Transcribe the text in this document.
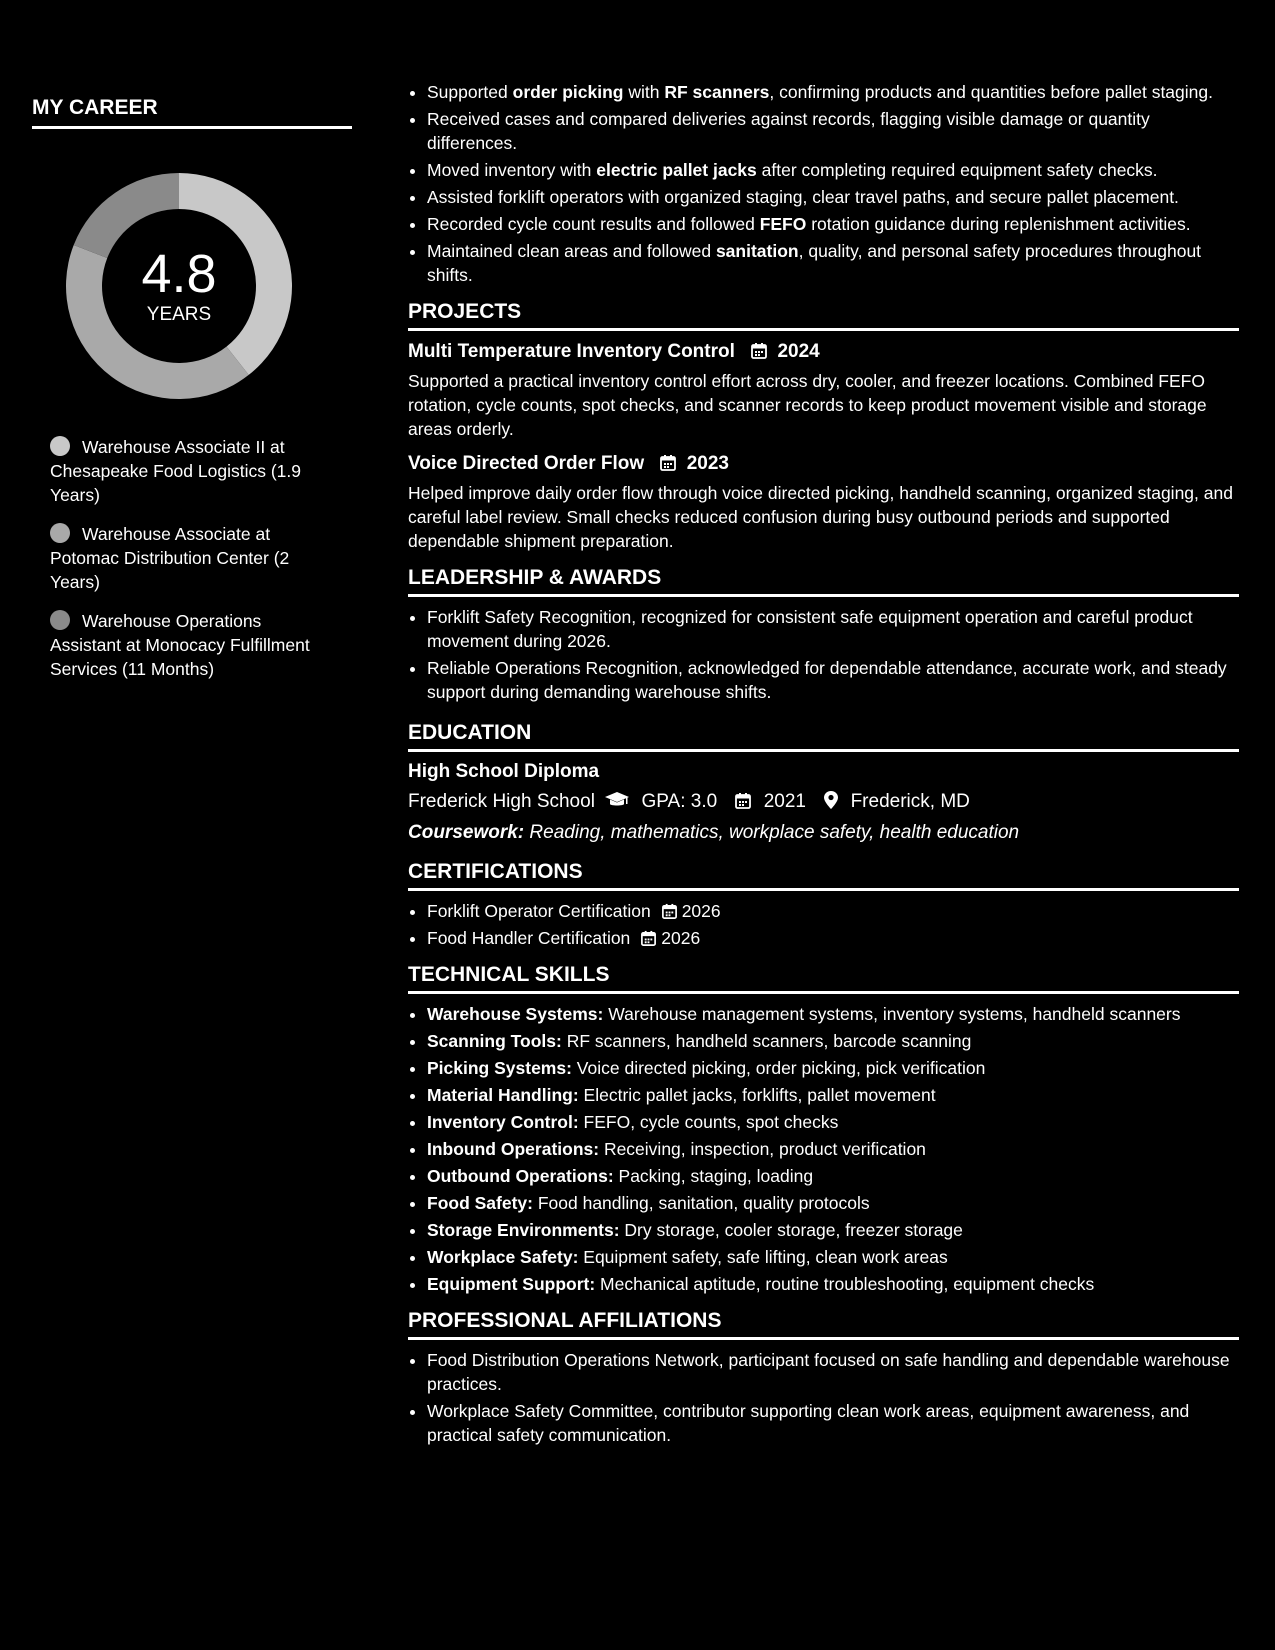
MY CAREER
4.8
YEARS
Warehouse Associate II at Chesapeake Food Logistics (1.9 Years)
Warehouse Associate at Potomac Distribution Center (2 Years)
Warehouse Operations Assistant at Monocacy Fulfillment Services (11 Months)
• Supported order picking with RF scanners, confirming products and quantities before pallet staging.
• Received cases and compared deliveries against records, flagging visible damage or quantity differences.
• Moved inventory with electric pallet jacks after completing required equipment safety checks.
• Assisted forklift operators with organized staging, clear travel paths, and secure pallet placement.
• Recorded cycle count results and followed FEFO rotation guidance during replenishment activities.
• Maintained clean areas and followed sanitation, quality, and personal safety procedures throughout shifts.
PROJECTS
Multi Temperature Inventory Control 2024
Supported a practical inventory control effort across dry, cooler, and freezer locations. Combined FEFO rotation, cycle counts, spot checks, and scanner records to keep product movement visible and storage areas orderly.
Voice Directed Order Flow 2023
Helped improve daily order flow through voice directed picking, handheld scanning, organized staging, and careful label review. Small checks reduced confusion during busy outbound periods and supported dependable shipment preparation.
LEADERSHIP & AWARDS
• Forklift Safety Recognition, recognized for consistent safe equipment operation and careful product movement during 2026.
• Reliable Operations Recognition, acknowledged for dependable attendance, accurate work, and steady support during demanding warehouse shifts.
EDUCATION
High School Diploma
Frederick High School GPA: 3.0 2021 Frederick, MD
Coursework: Reading, mathematics, workplace safety, health education
CERTIFICATIONS
• Forklift Operator Certification 2026
• Food Handler Certification 2026
TECHNICAL SKILLS
• Warehouse Systems: Warehouse management systems, inventory systems, handheld scanners
• Scanning Tools: RF scanners, handheld scanners, barcode scanning
• Picking Systems: Voice directed picking, order picking, pick verification
• Material Handling: Electric pallet jacks, forklifts, pallet movement
• Inventory Control: FEFO, cycle counts, spot checks
• Inbound Operations: Receiving, inspection, product verification
• Outbound Operations: Packing, staging, loading
• Food Safety: Food handling, sanitation, quality protocols
• Storage Environments: Dry storage, cooler storage, freezer storage
• Workplace Safety: Equipment safety, safe lifting, clean work areas
• Equipment Support: Mechanical aptitude, routine troubleshooting, equipment checks
PROFESSIONAL AFFILIATIONS
• Food Distribution Operations Network, participant focused on safe handling and dependable warehouse practices.
• Workplace Safety Committee, contributor supporting clean work areas, equipment awareness, and practical safety communication.
